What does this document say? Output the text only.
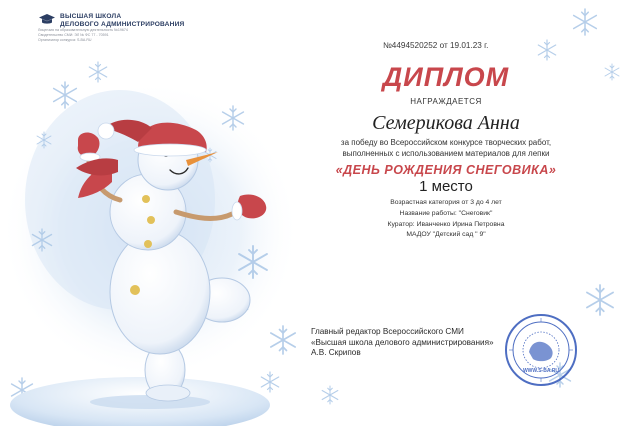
ВЫСШАЯ ШКОЛА
ДЕЛОВОГО АДМИНИСТРИРОВАНИЯ
Лицензия на образовательную деятельность №19674
Свидетельство СМИ: ЭЛ № ФС 77 - 70591
Организатор конкурса: S-BA.RU
№4494520252 от 19.01.23 г.
ДИПЛОМ
НАГРАЖДАЕТСЯ
Семерикова Анна
за победу во Всероссийском конкурсе творческих работ,
выполненных с использованием материалов для лепки
«ДЕНЬ РОЖДЕНИЯ СНЕГОВИКА»
1 место
Возрастная категория от 3 до 4 лет
Название работы: "Снеговик"
Куратор: Иванченко Ирина Петровна
МАДОУ "Детский сад " 9"
Главный редактор Всероссийского СМИ
«Высшая школа делового администрирования»
А.В. Скрипов
WWW.S-BA.RU
